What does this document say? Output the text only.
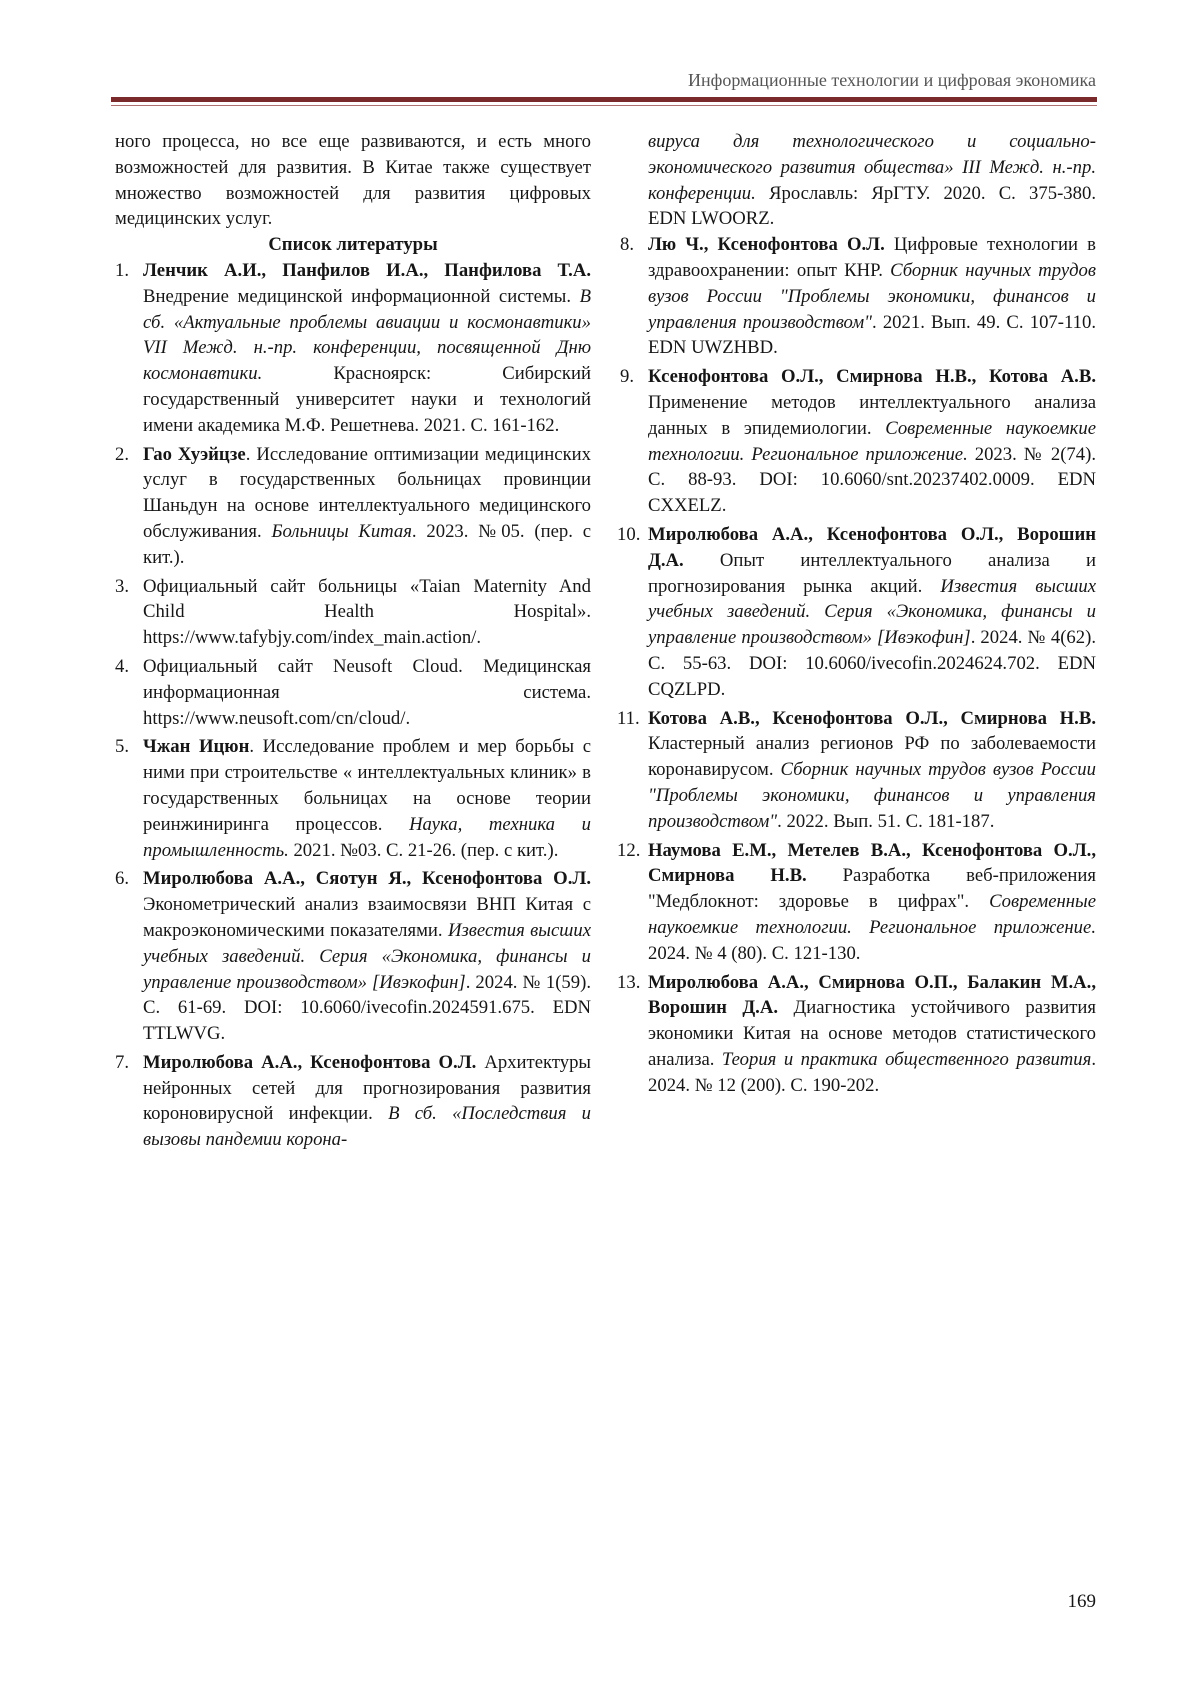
Информационные технологии и цифровая экономика

ного процесса, но все еще развиваются, и есть много возможностей для развития. В Китае также существует множество возможностей для развития цифровых медицинских услуг.

Список литературы

1. Ленчик А.И., Панфилов И.А., Панфилова Т.А. Внедрение медицинской информационной системы. В сб. «Актуальные проблемы авиации и космонавтики» VII Межд. н.-пр. конференции, посвященной Дню космонавтики. Красноярск: Сибирский государственный университет науки и технологий имени академика М.Ф. Решетнева. 2021. С. 161-162.
2. Гао Хуэйцзе. Исследование оптимизации медицинских услуг в государственных больницах провинции Шаньдун на основе интеллектуального медицинского обслуживания. Больницы Китая. 2023. №05. (пер. с кит.).
3. Официальный сайт больницы «Taian Maternity And Child Health Hospital». https://www.tafybjy.com/index_main.action/.
4. Официальный сайт Neusoft Cloud. Медицинская информационная система. https://www.neusoft.com/cn/cloud/.
5. Чжан Ицюн. Исследование проблем и мер борьбы с ними при строительстве « интеллектуальных клиник» в государственных больницах на основе теории реинжиниринга процессов. Наука, техника и промышленность. 2021. №03. С. 21-26. (пер. с кит.).
6. Миролюбова А.А., Сяотун Я., Ксенофонтова О.Л. Эконометрический анализ взаимосвязи ВНП Китая с макроэкономическими показателями. Известия высших учебных заведений. Серия «Экономика, финансы и управление производством» [Ивэкофин]. 2024. № 1(59). С. 61-69. DOI: 10.6060/ivecofin.2024591.675. EDN TTLWVG.
7. Миролюбова А.А., Ксенофонтова О.Л. Архитектуры нейронных сетей для прогнозирования развития короновирусной инфекции. В сб. «Последствия и вызовы пандемии корона-

вируса для технологического и социально-экономического развития общества» III Межд. н.-пр. конференции. Ярославль: ЯрГТУ. 2020. С. 375-380. EDN LWOORZ.

8. Лю Ч., Ксенофонтова О.Л. Цифровые технологии в здравоохранении: опыт КНР. Сборник научных трудов вузов России "Проблемы экономики, финансов и управления производством". 2021. Вып. 49. С. 107-110. EDN UWZHBD.
9. Ксенофонтова О.Л., Смирнова Н.В., Котова А.В. Применение методов интеллектуального анализа данных в эпидемиологии. Современные наукоемкие технологии. Региональное приложение. 2023. № 2(74). С. 88-93. DOI: 10.6060/snt.20237402.0009. EDN CXXELZ.
10. Миролюбова А.А., Ксенофонтова О.Л., Ворошин Д.А. Опыт интеллектуального анализа и прогнозирования рынка акций. Известия высших учебных заведений. Серия «Экономика, финансы и управление производством» [Ивэкофин]. 2024. № 4(62). С. 55-63. DOI: 10.6060/ivecofin.2024624.702. EDN CQZLPD.
11. Котова А.В., Ксенофонтова О.Л., Смирнова Н.В. Кластерный анализ регионов РФ по заболеваемости коронавирусом. Сборник научных трудов вузов России "Проблемы экономики, финансов и управления производством". 2022. Вып. 51. С. 181-187.
12. Наумова Е.М., Метелев В.А., Ксенофонтова О.Л., Смирнова Н.В. Разработка веб-приложения "Медблокнот: здоровье в цифрах". Современные наукоемкие технологии. Региональное приложение. 2024. № 4 (80). С. 121-130.
13. Миролюбова А.А., Смирнова О.П., Балакин М.А., Ворошин Д.А. Диагностика устойчивого развития экономики Китая на основе методов статистического анализа. Теория и практика общественного развития. 2024. № 12 (200). С. 190-202.
169
